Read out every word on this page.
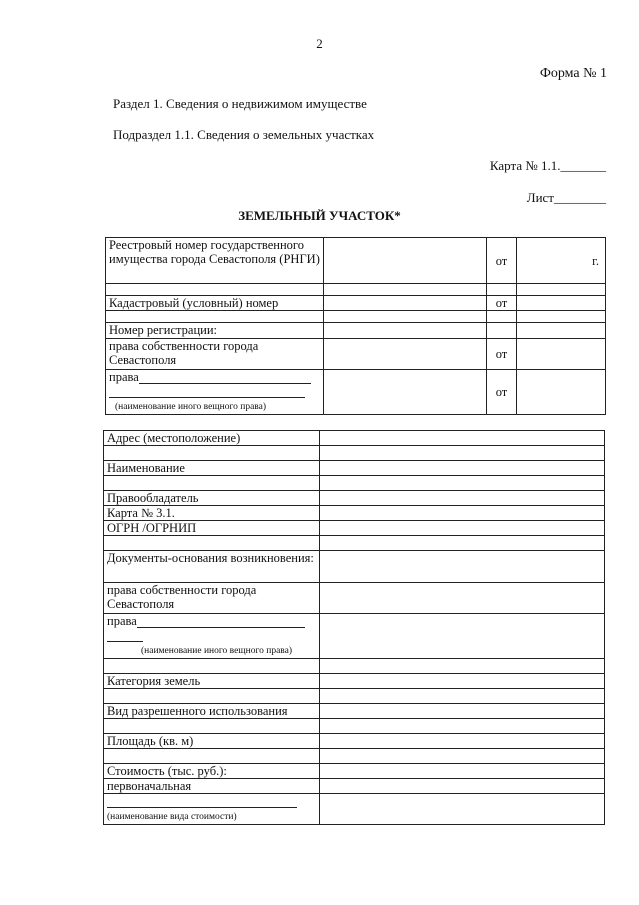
2
Форма № 1
Раздел 1. Сведения о недвижимом имуществе
Подраздел 1.1. Сведения о земельных участках
Карта № 1.1._______
Лист________
ЗЕМЕЛЬНЫЙ УЧАСТОК*
Реестровый номер государственного имущества города Севастополя (РНГИ)		от	г.

Кадастровый (условный) номер		от	

Номер регистрации:			
права собственности города Севастополя		от	
права

(наименование иного вещного права)		от	
Адрес (местоположение)	

Наименование	

Правообладатель	
Карта № 3.1.	
ОГРН /ОГРНИП	

Документы-основания возникновения:	
права собственности города Севастополя	
права

(наименование иного вещного права)	

Категория земель	

Вид разрешенного использования	

Площадь (кв. м)	

Стоимость (тыс. руб.):	
первоначальная	

(наименование вида стоимости)	
